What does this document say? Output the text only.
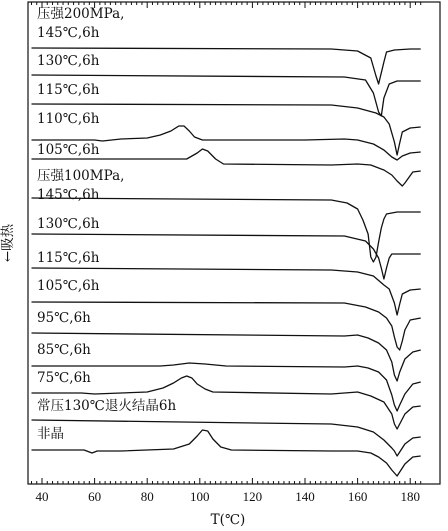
压强200MPa, 145℃,6h
130℃,6h
115℃,6h
110℃,6h
105℃,6h
压强100MPa, 145℃,6h
130℃,6h
115℃,6h
105℃,6h
95℃,6h
85℃,6h
75℃,6h
常压130℃退火结晶6h
非晶
40	60	80	100	120	140	160	180
←吸热
T(℃)
